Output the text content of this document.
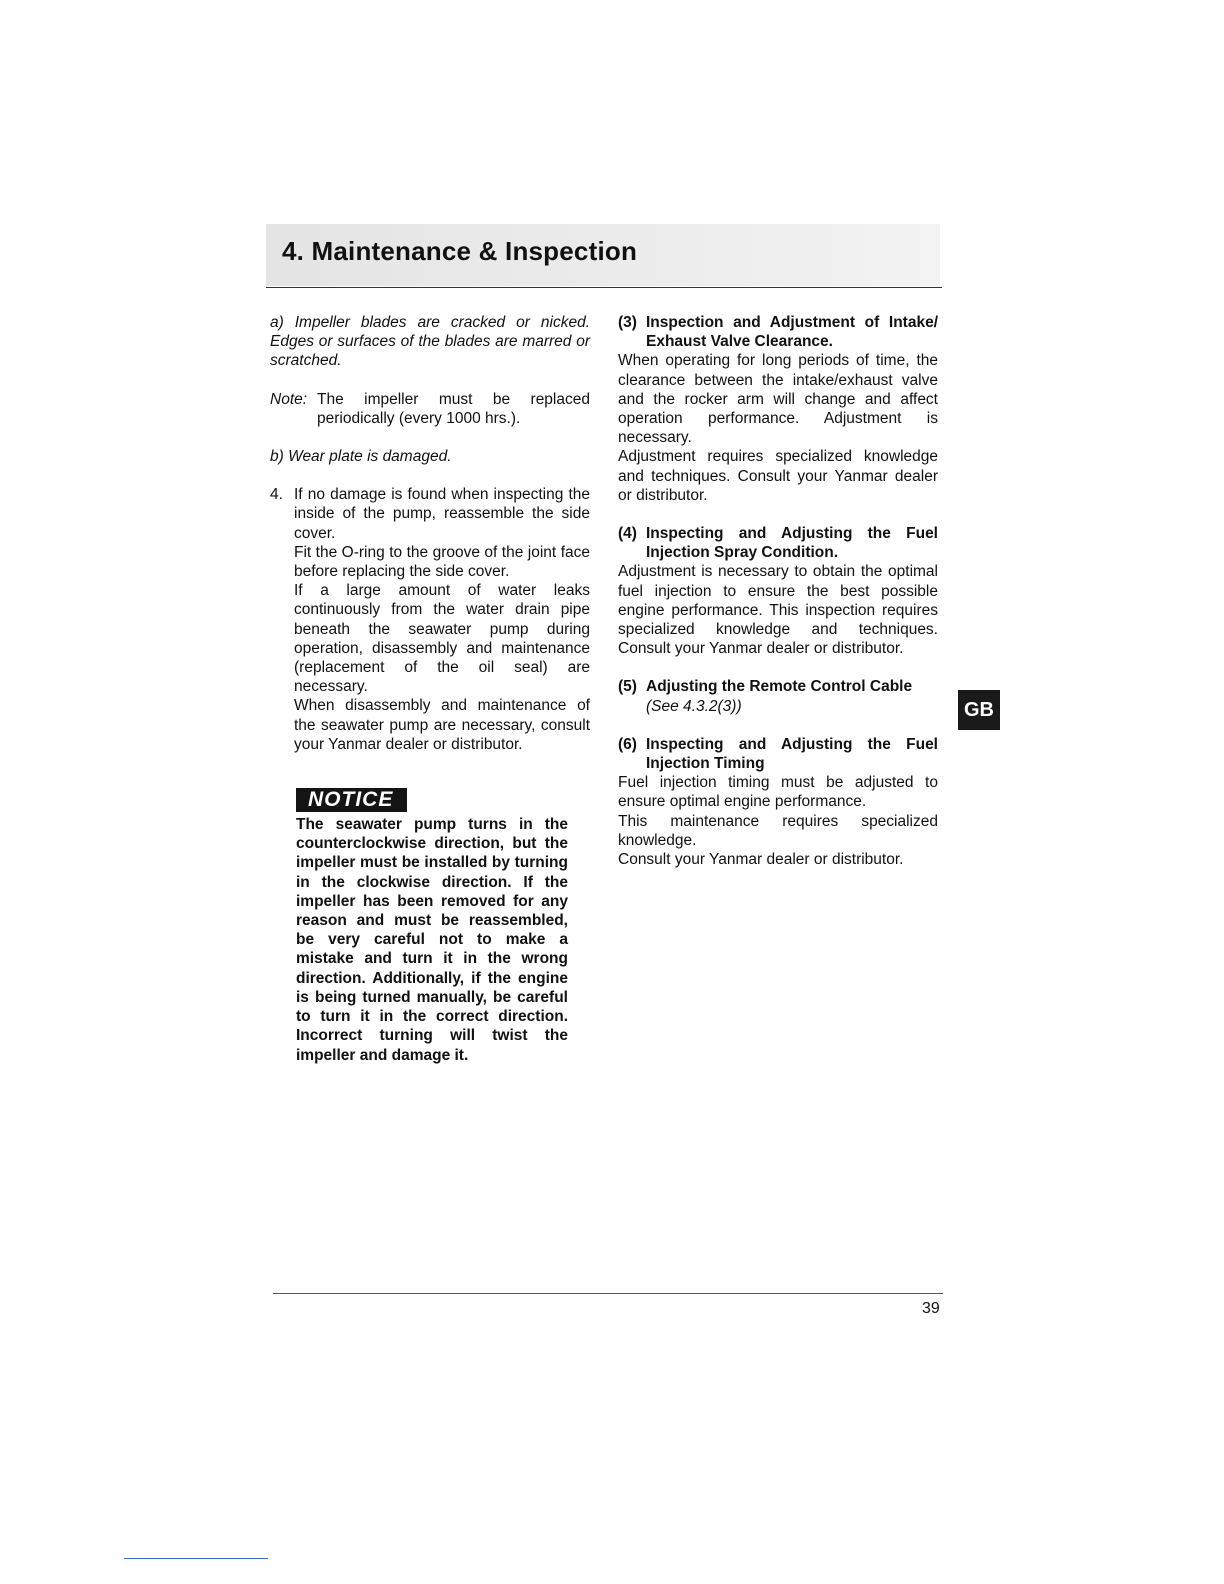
4. Maintenance & Inspection
a) Impeller blades are cracked or nicked. Edges or surfaces of the blades are marred or scratched.
Note: The impeller must be replaced periodically (every 1000 hrs.).
b) Wear plate is damaged.
4. If no damage is found when inspecting the inside of the pump, reassemble the side cover.
Fit the O-ring to the groove of the joint face before replacing the side cover.
If a large amount of water leaks continuously from the water drain pipe beneath the seawater pump during operation, disassembly and maintenance (replacement of the oil seal) are necessary.
When disassembly and maintenance of the seawater pump are necessary, consult your Yanmar dealer or distributor.
NOTICE
The seawater pump turns in the counterclockwise direction, but the impeller must be installed by turning in the clockwise direction. If the impeller has been removed for any reason and must be reassembled, be very careful not to make a mistake and turn it in the wrong direction. Additionally, if the engine is being turned manually, be careful to turn it in the correct direction. Incorrect turning will twist the impeller and damage it.
(3) Inspection and Adjustment of Intake/ Exhaust Valve Clearance.
When operating for long periods of time, the clearance between the intake/exhaust valve and the rocker arm will change and affect operation performance. Adjustment is necessary.
Adjustment requires specialized knowledge and techniques. Consult your Yanmar dealer or distributor.
(4) Inspecting and Adjusting the Fuel Injection Spray Condition.
Adjustment is necessary to obtain the optimal fuel injection to ensure the best possible engine performance. This inspection requires specialized knowledge and techniques. Consult your Yanmar dealer or distributor.
(5) Adjusting the Remote Control Cable
(See 4.3.2(3))
(6) Inspecting and Adjusting the Fuel Injection Timing
Fuel injection timing must be adjusted to ensure optimal engine performance.
This maintenance requires specialized knowledge.
Consult your Yanmar dealer or distributor.
GB
39
